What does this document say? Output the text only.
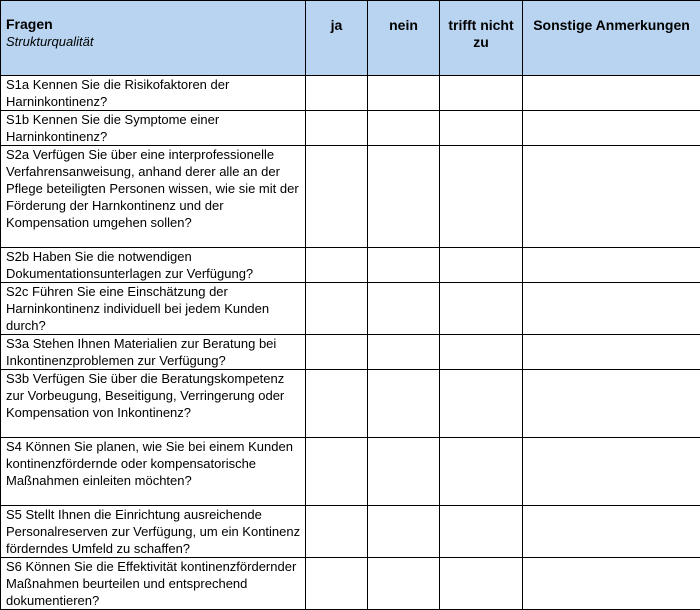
Fragen
Strukturqualität	ja	nein	trifft nicht zu	Sonstige Anmerkungen
S1a Kennen Sie die Risikofaktoren der Harninkontinenz?				
S1b Kennen Sie die Symptome einer Harninkontinenz?				
S2a Verfügen Sie über eine interprofessionelle Verfahrensanweisung, anhand derer alle an der Pflege beteiligten Personen wissen, wie sie mit der Förderung der Harnkontinenz und der Kompensation umgehen sollen?				
S2b Haben Sie die notwendigen Dokumentationsunterlagen zur Verfügung?				
S2c Führen Sie eine Einschätzung der Harninkontinenz individuell bei jedem Kunden durch?				
S3a Stehen Ihnen Materialien zur Beratung bei Inkontinenzproblemen zur Verfügung?				
S3b Verfügen Sie über die Beratungskompetenz zur Vorbeugung, Beseitigung, Verringerung oder Kompensation von Inkontinenz?				
S4 Können Sie planen, wie Sie bei einem Kunden kontinenzfördernde oder kompensatorische Maßnahmen einleiten möchten?				
S5 Stellt Ihnen die Einrichtung ausreichende Personalreserven zur Verfügung, um ein Kontinenz förderndes Umfeld zu schaffen?				
S6 Können Sie die Effektivität kontinenzfördernder Maßnahmen beurteilen und entsprechend dokumentieren?				
